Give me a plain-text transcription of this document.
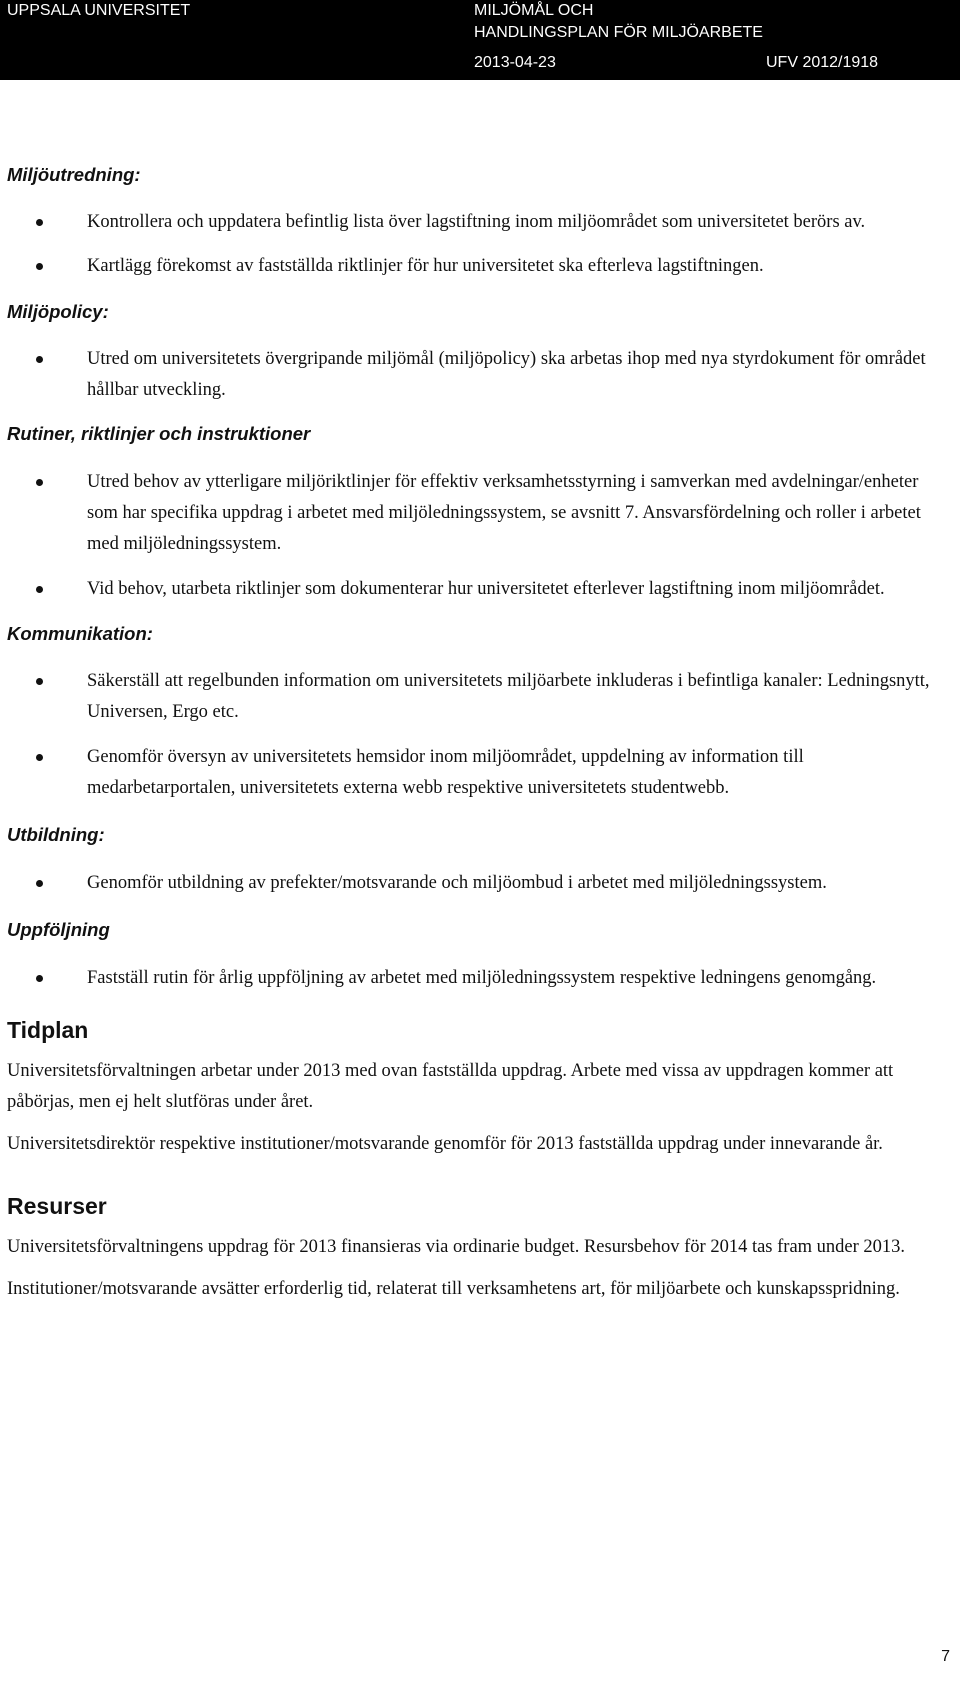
UPPSALA UNIVERSITET	MILJÖMÅL OCH
HANDLINGSPLAN FÖR MILJÖARBETE
2013-04-23	UFV 2012/1918
Miljöutredning:
Kontrollera och uppdatera befintlig lista över lagstiftning inom miljöområdet som universitetet berörs av.
Kartlägg förekomst av fastställda riktlinjer för hur universitetet ska efterleva lagstiftningen.
Miljöpolicy:
Utred om universitetets övergripande miljömål (miljöpolicy) ska arbetas ihop med nya styrdokument för området hållbar utveckling.
Rutiner, riktlinjer och instruktioner
Utred behov av ytterligare miljöriktlinjer för effektiv verksamhetsstyrning i samverkan med avdelningar/enheter som har specifika uppdrag i arbetet med miljöledningssystem, se avsnitt 7. Ansvarsfördelning och roller i arbetet med miljöledningssystem.
Vid behov, utarbeta riktlinjer som dokumenterar hur universitetet efterlever lagstiftning inom miljöområdet.
Kommunikation:
Säkerställ att regelbunden information om universitetets miljöarbete inkluderas i befintliga kanaler: Ledningsnytt, Universen, Ergo etc.
Genomför översyn av universitetets hemsidor inom miljöområdet, uppdelning av information till medarbetarportalen, universitetets externa webb respektive universitetets studentwebb.
Utbildning:
Genomför utbildning av prefekter/motsvarande och miljöombud i arbetet med miljöledningssystem.
Uppföljning
Fastställ rutin för årlig uppföljning av arbetet med miljöledningssystem respektive ledningens genomgång.
Tidplan

Universitetsförvaltningen arbetar under 2013 med ovan fastställda uppdrag. Arbete med vissa av uppdragen kommer att påbörjas, men ej helt slutföras under året.

Universitetsdirektör respektive institutioner/motsvarande genomför för 2013 fastställda uppdrag under innevarande år.

Resurser

Universitetsförvaltningens uppdrag för 2013 finansieras via ordinarie budget. Resursbehov för 2014 tas fram under 2013.

Institutioner/motsvarande avsätter erforderlig tid, relaterat till verksamhetens art, för miljöarbete och kunskapsspridning.

7
